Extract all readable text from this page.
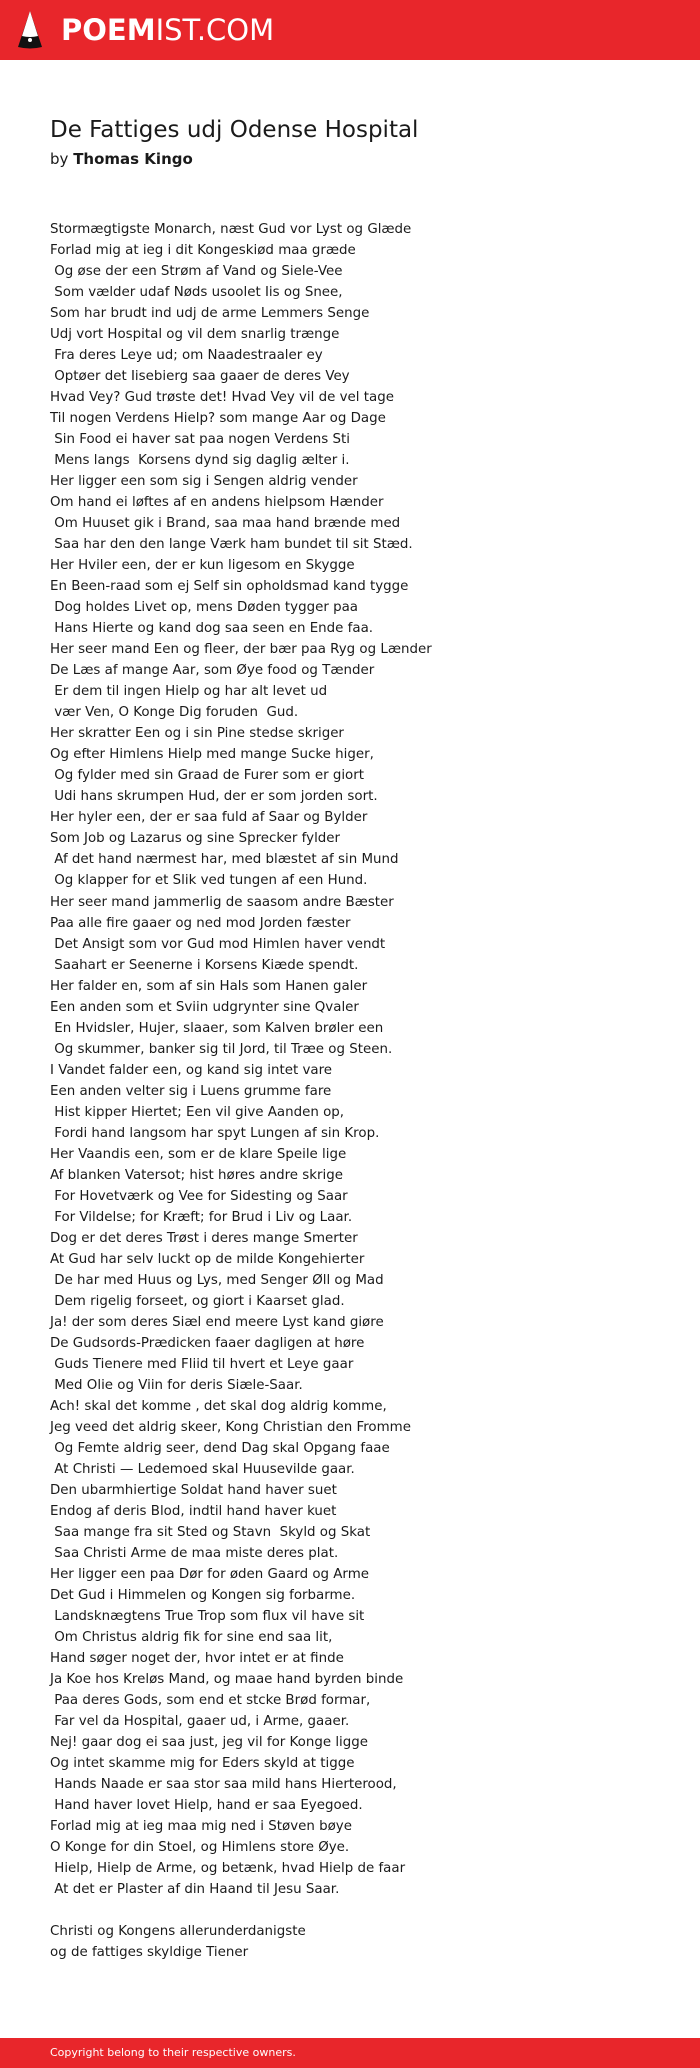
POEMIST.COM
De Fattiges udj Odense Hospital
by Thomas Kingo
Stormægtigste Monarch, næst Gud vor Lyst og Glæde
Forlad mig at ieg i dit Kongeskiød maa græde
Og øse der een Strøm af Vand og Siele-Vee
Som vælder udaf Nøds usoolet Iis og Snee,
Som har brudt ind udj de arme Lemmers Senge
Udj vort Hospital og vil dem snarlig trænge
Fra deres Leye ud; om Naadestraaler ey
Optøer det Iisebierg saa gaaer de deres Vey
Hvad Vey? Gud trøste det! Hvad Vey vil de vel tage
Til nogen Verdens Hielp? som mange Aar og Dage
Sin Food ei haver sat paa nogen Verdens Sti
Mens langs  Korsens dynd sig daglig ælter i.
Her ligger een som sig i Sengen aldrig vender
Om hand ei løftes af en andens hielpsom Hænder
Om Huuset gik i Brand, saa maa hand brænde med
Saa har den den lange Værk ham bundet til sit Stæd.
Her Hviler een, der er kun ligesom en Skygge
En Been-raad som ej Self sin opholdsmad kand tygge
Dog holdes Livet op, mens Døden tygger paa
Hans Hierte og kand dog saa seen en Ende faa.
Her seer mand Een og fleer, der bær paa Ryg og Lænder
De Læs af mange Aar, som Øye food og Tænder
Er dem til ingen Hielp og har alt levet ud
vær Ven, O Konge Dig foruden  Gud.
Her skratter Een og i sin Pine stedse skriger
Og efter Himlens Hielp med mange Sucke higer,
Og fylder med sin Graad de Furer som er giort
Udi hans skrumpen Hud, der er som jorden sort.
Her hyler een, der er saa fuld af Saar og Bylder
Som Job og Lazarus og sine Sprecker fylder
Af det hand nærmest har, med blæstet af sin Mund
Og klapper for et Slik ved tungen af een Hund.
Her seer mand jammerlig de saasom andre Bæster
Paa alle fire gaaer og ned mod Jorden fæster
Det Ansigt som vor Gud mod Himlen haver vendt
Saahart er Seenerne i Korsens Kiæde spendt.
Her falder en, som af sin Hals som Hanen galer
Een anden som et Sviin udgrynter sine Qvaler
En Hvidsler, Hujer, slaaer, som Kalven brøler een
Og skummer, banker sig til Jord, til Træe og Steen.
I Vandet falder een, og kand sig intet vare
Een anden velter sig i Luens grumme fare
Hist kipper Hiertet; Een vil give Aanden op,
Fordi hand langsom har spyt Lungen af sin Krop.
Her Vaandis een, som er de klare Speile lige
Af blanken Vatersot; hist høres andre skrige
For Hovetværk og Vee for Sidesting og Saar
For Vildelse; for Kræft; for Brud i Liv og Laar.
Dog er det deres Trøst i deres mange Smerter
At Gud har selv luckt op de milde Kongehierter
De har med Huus og Lys, med Senger Øll og Mad
Dem rigelig forseet, og giort i Kaarset glad.
Ja! der som deres Siæl end meere Lyst kand giøre
De Gudsords-Prædicken faaer dagligen at høre
Guds Tienere med Fliid til hvert et Leye gaar
Med Olie og Viin for deris Siæle-Saar.
Ach! skal det komme , det skal dog aldrig komme,
Jeg veed det aldrig skeer, Kong Christian den Fromme
Og Femte aldrig seer, dend Dag skal Opgang faae
At Christi — Ledemoed skal Huusevilde gaar.
Den ubarmhiertige Soldat hand haver suet
Endog af deris Blod, indtil hand haver kuet
Saa mange fra sit Sted og Stavn  Skyld og Skat
Saa Christi Arme de maa miste deres plat.
Her ligger een paa Dør for øden Gaard og Arme
Det Gud i Himmelen og Kongen sig forbarme.
Landsknægtens True Trop som flux vil have sit
Om Christus aldrig fik for sine end saa lit,
Hand søger noget der, hvor intet er at finde
Ja Koe hos Kreløs Mand, og maae hand byrden binde
Paa deres Gods, som end et stcke Brød formar,
Far vel da Hospital, gaaer ud, i Arme, gaaer.
Nej! gaar dog ei saa just, jeg vil for Konge ligge
Og intet skamme mig for Eders skyld at tigge
Hands Naade er saa stor saa mild hans Hierterood,
Hand haver lovet Hielp, hand er saa Eyegoed.
Forlad mig at ieg maa mig ned i Støven bøye
O Konge for din Stoel, og Himlens store Øye.
Hielp, Hielp de Arme, og betænk, hvad Hielp de faar
At det er Plaster af din Haand til Jesu Saar.
Christi og Kongens allerunderdanigste
og de fattiges skyldige Tiener
Copyright belong to their respective owners.
